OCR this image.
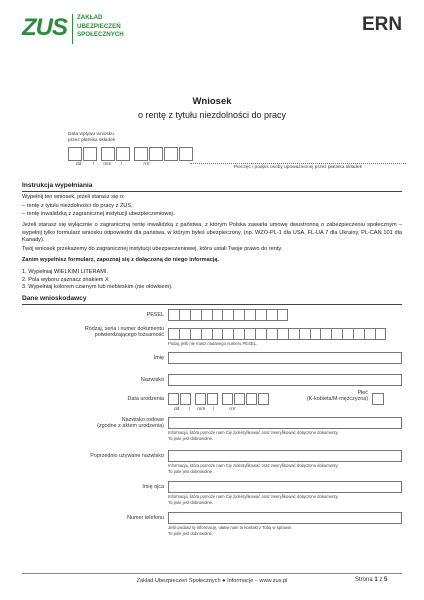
ZUS ZAKŁAD
UBEZPIECZEŃ
SPOŁECZNYCH	ERN
Wniosek
o rentę z tytułu niezdolności do pracy
Data wpływu wniosku
przez płatnika składek
dd / mm /	rrrr
Pieczęć i podpis osoby upoważnionej przez płatnika składek
Instrukcja wypełniania

Wypełnij ten wniosek, jeżeli starasz się o:

– rentę z tytułu niezdolności do pracy z ZUS,
– rentę inwalidzką z zagranicznej instytucji ubezpieczeniowej.

Jeżeli starasz się wyłącznie o zagraniczną rentę inwalidzką z państwa, z którym Polska zawarła umowę dwustronną o zabezpieczeniu społecznym – wypełnij tylko formularz wniosku odpowiedni dla państwa, w którym byłeś ubezpieczony, (np. WZO-PL-1 dla USA, FL-UA 7 dla Ukrainy, PL-CAN 101 dla Kanady).

Twój wniosek przekażemy do zagranicznej instytucji ubezpieczeniowej, która ustali Twoje prawo do renty.

Zanim wypełnisz formularz, zapoznaj się z dołączoną do niego informacją.

1. Wypełniaj WIELKIMI LITERAMI.
2. Pola wyboru zaznacz znakiem X
3. Wypełniaj kolorem czarnym lub niebieskim (nie ołówkiem).
Dane wnioskodawcy
PESEL
Rodzaj, seria i numer dokumentu
potwierdzającego tożsamość
Podaj, jeśli nie masz nadanego numeru PESEL.
Imię
Nazwisko
Data urodzenia
dd / mm /	rrrr
Płeć
(K-kobieta/M-mężczyzna)
Nazwisko rodowe
(zgodne z aktem urodzenia)
Informacja, która pomoże nam Cię zidentyfikować oraz zweryfikować dołączone dokumenty.
To pole jest dobrowolne.
Poprzednio używane nazwisko
Informacja, która pomoże nam Cię zidentyfikować oraz zweryfikować dołączone dokumenty.
To pole jest dobrowolne.
Imię ojca
Informacja, która pomoże nam Cię zidentyfikować oraz zweryfikować dołączone dokumenty.
To pole jest dobrowolne.
Numer telefonu
Jeśli podasz tę informację, ułatwi nam to kontakt z Tobą w sprawie.
To pole jest dobrowolne.
Zakład Ubezpieczeń Społecznych ● Informacje – www.zus.pl	Strona 1 z 5
